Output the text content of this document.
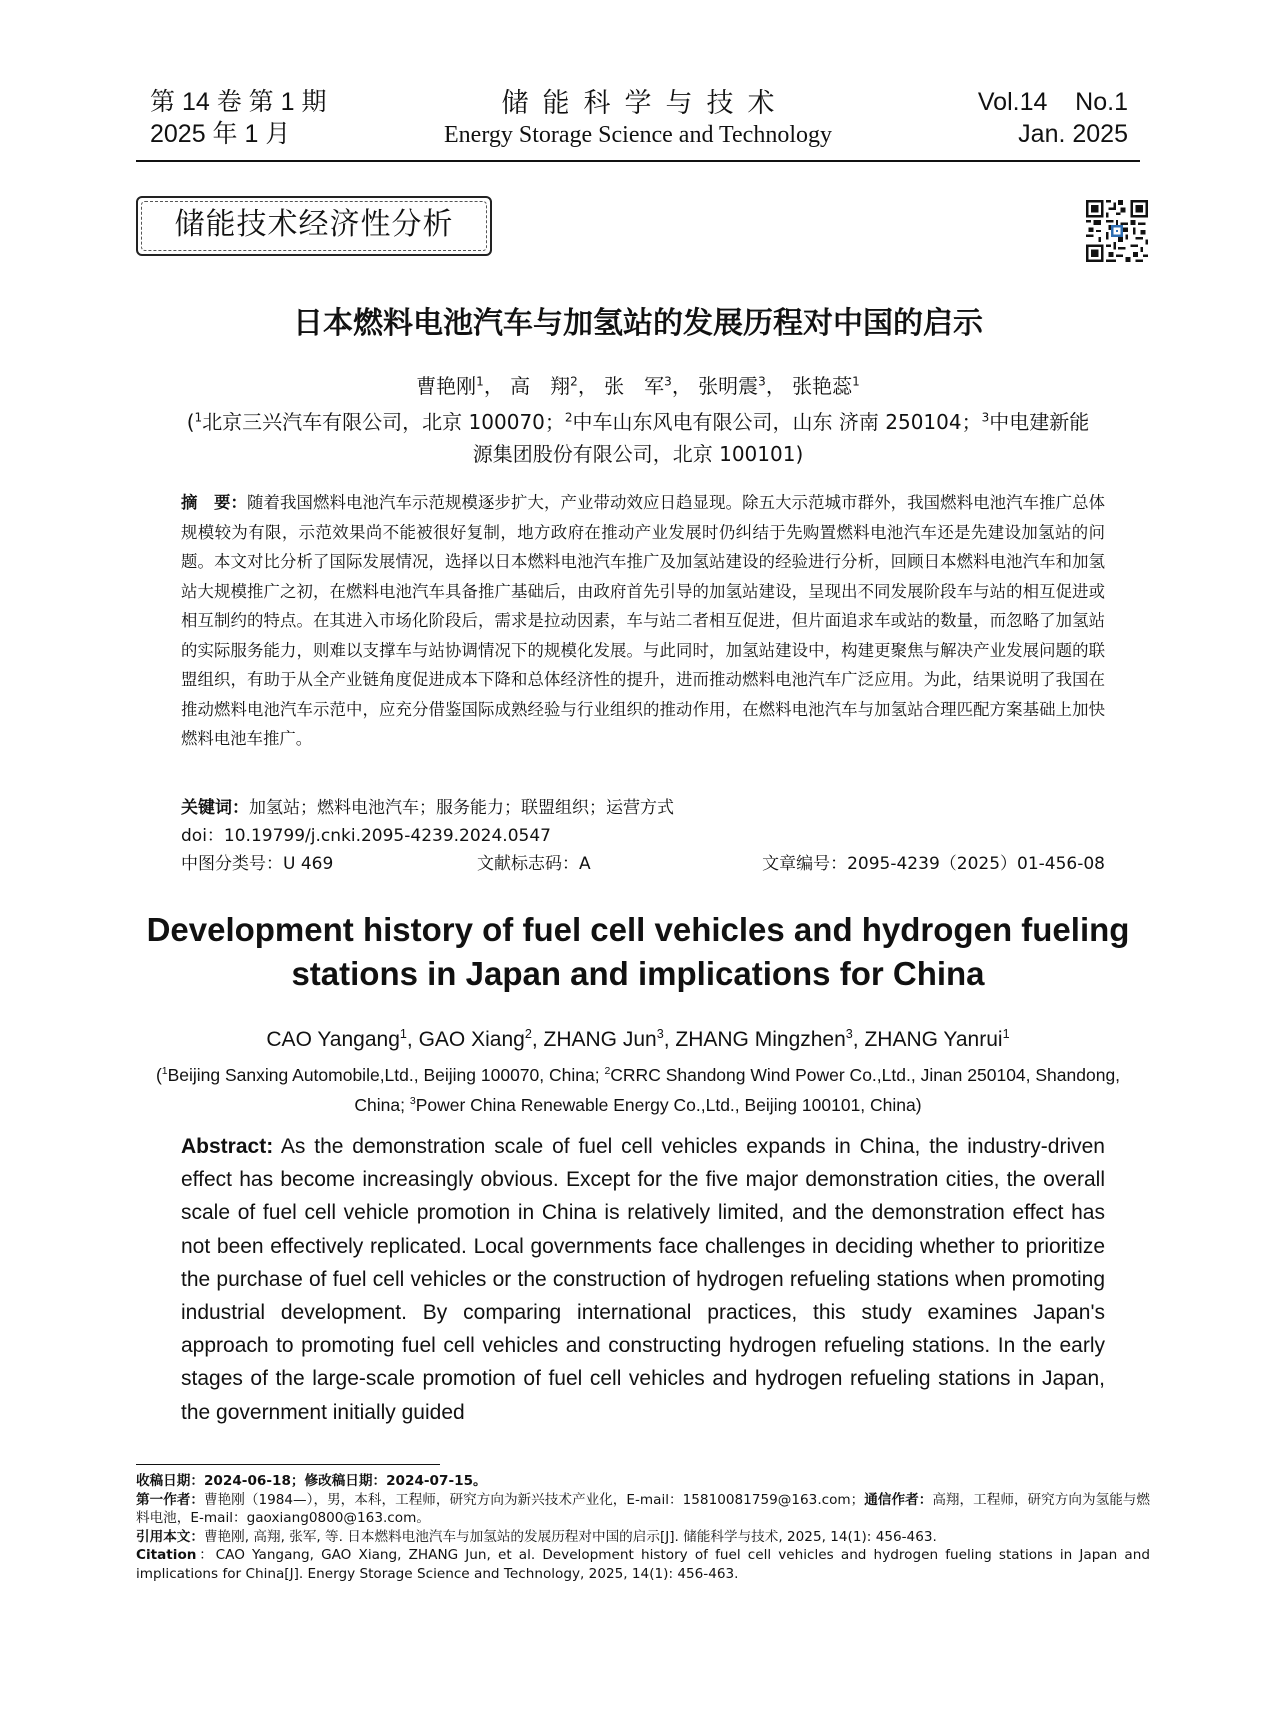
第 14 卷 第 1 期
2025 年 1 月
储能科学与技术
Energy Storage Science and Technology
Vol.14    No.1
Jan. 2025
储能技术经济性分析
日本燃料电池汽车与加氢站的发展历程对中国的启示
曹艳刚$^1$， 高　翔$^2$， 张　军$^3$， 张明震$^3$， 张艳蕊$^1$
($^1$北京三兴汽车有限公司，北京 100070；$^2$中车山东风电有限公司，山东 济南 250104；$^3$中电建新能源集团股份有限公司，北京 100101)
摘　要：随着我国燃料电池汽车示范规模逐步扩大，产业带动效应日趋显现。除五大示范城市群外，我国燃料电池汽车推广总体规模较为有限，示范效果尚不能被很好复制，地方政府在推动产业发展时仍纠结于先购置燃料电池汽车还是先建设加氢站的问题。本文对比分析了国际发展情况，选择以日本燃料电池汽车推广及加氢站建设的经验进行分析，回顾日本燃料电池汽车和加氢站大规模推广之初，在燃料电池汽车具备推广基础后，由政府首先引导的加氢站建设，呈现出不同发展阶段车与站的相互促进或相互制约的特点。在其进入市场化阶段后，需求是拉动因素，车与站二者相互促进，但片面追求车或站的数量，而忽略了加氢站的实际服务能力，则难以支撑车与站协调情况下的规模化发展。与此同时，加氢站建设中，构建更聚焦与解决产业发展问题的联盟组织，有助于从全产业链角度促进成本下降和总体经济性的提升，进而推动燃料电池汽车广泛应用。为此，结果说明了我国在推动燃料电池汽车示范中，应充分借鉴国际成熟经验与行业组织的推动作用，在燃料电池汽车与加氢站合理匹配方案基础上加快燃料电池车推广。
关键词：加氢站；燃料电池汽车；服务能力；联盟组织；运营方式
doi：10.19799/j.cnki.2095-4239.2024.0547
中图分类号：U 469	文献标志码：A	文章编号：2095-4239（2025）01-456-08
Development history of fuel cell vehicles and hydrogen fueling
stations in Japan and implications for China
CAO Yangang$^1$, GAO Xiang$^2$, ZHANG Jun$^3$, ZHANG Mingzhen$^3$, ZHANG Yanrui$^1$
($^1$Beijing Sanxing Automobile,Ltd., Beijing 100070, China; $^2$CRRC Shandong Wind Power Co.,Ltd., Jinan 250104, Shandong, China; $^3$Power China Renewable Energy Co.,Ltd., Beijing 100101, China)
Abstract: As the demonstration scale of fuel cell vehicles expands in China, the industry-driven effect has become increasingly obvious. Except for the five major demonstration cities, the overall scale of fuel cell vehicle promotion in China is relatively limited, and the demonstration effect has not been effectively replicated. Local governments face challenges in deciding whether to prioritize the purchase of fuel cell vehicles or the construction of hydrogen refueling stations when promoting industrial development. By comparing international practices, this study examines Japan's approach to promoting fuel cell vehicles and constructing hydrogen refueling stations. In the early stages of the large-scale promotion of fuel cell vehicles and hydrogen refueling stations in Japan, the government initially guided

收稿日期：2024-06-18；修改稿日期：2024-07-15。

第一作者：曹艳刚（1984—），男，本科，工程师，研究方向为新兴技术产业化，E-mail：15810081759@163.com；通信作者：高翔，工程师，研究方向为氢能与燃料电池，E-mail：gaoxiang0800@163.com。

引用本文：曹艳刚, 高翔, 张军, 等. 日本燃料电池汽车与加氢站的发展历程对中国的启示[J]. 储能科学与技术, 2025, 14(1): 456-463.

Citation：CAO Yangang, GAO Xiang, ZHANG Jun, et al. Development history of fuel cell vehicles and hydrogen fueling stations in Japan and implications for China[J]. Energy Storage Science and Technology, 2025, 14(1): 456-463.
